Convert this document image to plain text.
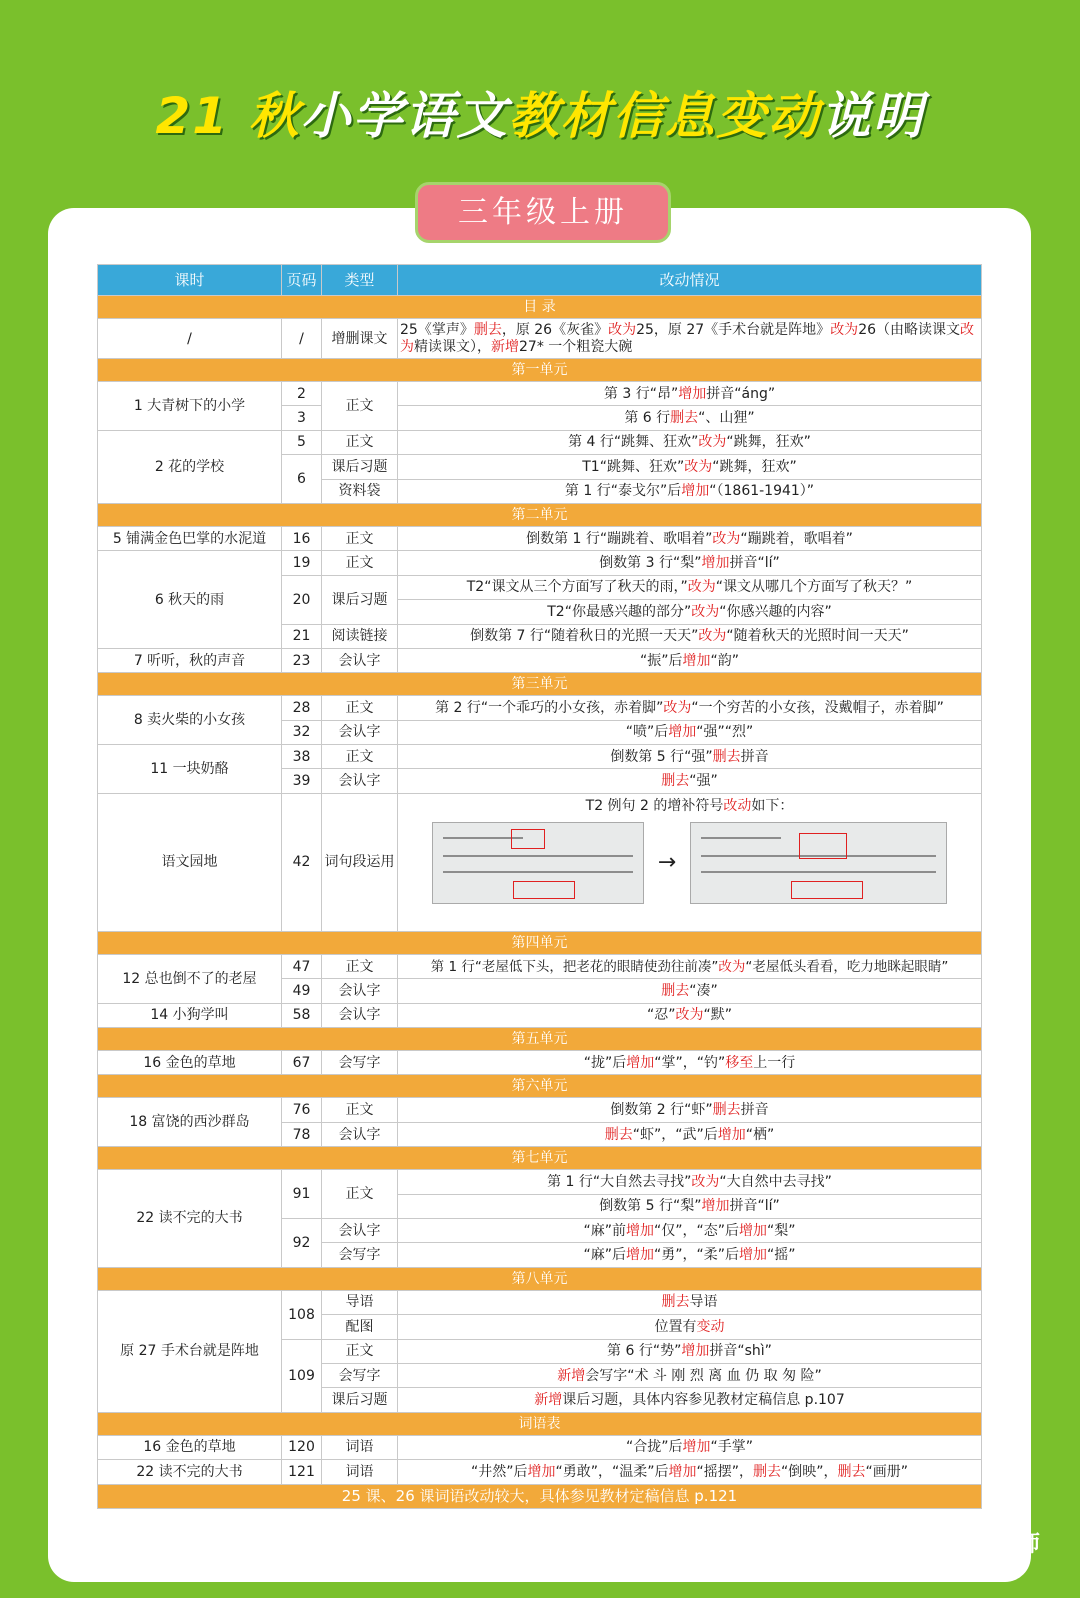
21 秋小学语文教材信息变动说明
三年级上册
课时	页码	类型	改动情况
目 录			
/	/	增删课文	25《掌声》删去，原 26《灰雀》改为25，原 27《手术台就是阵地》改为26（由略读课文改为精读课文），新增27* 一个粗瓷大碗
第一单元			
1 大青树下的小学	2	正文	第 3 行“昂”增加拼音“áng”
	3		第 6 行删去“、山狸”
2 花的学校	5	正文	第 4 行“跳舞、狂欢”改为“跳舞，狂欢”
	6	课后习题	T1“跳舞、狂欢”改为“跳舞，狂欢”
		资料袋	第 1 行“泰戈尔”后增加“（1861-1941）”
第二单元			
5 铺满金色巴掌的水泥道	16	正文	倒数第 1 行“蹦跳着、歌唱着”改为“蹦跳着，歌唱着”
6 秋天的雨	19	正文	倒数第 3 行“梨”增加拼音“lí”
	20	课后习题	T2“课文从三个方面写了秋天的雨，”改为“课文从哪几个方面写了秋天？”
			T2“你最感兴趣的部分”改为“你感兴趣的内容”
	21	阅读链接	倒数第 7 行“随着秋日的光照一天天”改为“随着秋天的光照时间一天天”
7 听听，秋的声音	23	会认字	“振”后增加“韵”
第三单元			
8 卖火柴的小女孩	28	正文	第 2 行“一个乖巧的小女孩，赤着脚”改为“一个穷苦的小女孩，没戴帽子，赤着脚”
	32	会认字	“喷”后增加“强”“烈”
11 一块奶酪	38	正文	倒数第 5 行“强”删去拼音
	39	会认字	删去“强”
语文园地	42	词句段运用	T2 例句 2 的增补符号改动如下：
→

第四单元			
12 总也倒不了的老屋	47	正文	第 1 行“老屋低下头，把老花的眼睛使劲往前凑”改为“老屋低头看看，吃力地眯起眼睛”
	49	会认字	删去“凑”
14 小狗学叫	58	会认字	“忍”改为“默”
第五单元			
16 金色的草地	67	会写字	“拢”后增加“掌”，“钓”移至上一行
第六单元			
18 富饶的西沙群岛	76	正文	倒数第 2 行“虾”删去拼音
	78	会认字	删去“虾”，“武”后增加“栖”
第七单元			
22 读不完的大书	91	正文	第 1 行“大自然去寻找”改为“大自然中去寻找”
			倒数第 5 行“梨”增加拼音“lí”
	92	会认字	“麻”前增加“仅”，“态”后增加“梨”
		会写字	“麻”后增加“勇”，“柔”后增加“摇”
第八单元			
原 27 手术台就是阵地	108	导语	删去导语
		配图	位置有变动
	109	正文	第 6 行“势”增加拼音“shì”
		会写字	新增会写字“术 斗 刚 烈 离 血 仍 取 匆 险”
		课后习题	新增课后习题，具体内容参见教材定稿信息 p.107
词语表			
16 金色的草地	120	词语	“合拢”后增加“手掌”
22 读不完的大书	121	词语	“井然”后增加“勇敢”，“温柔”后增加“摇摆”，删去“倒映”，删去“画册”
25 课、26 课词语改动较大，具体参见教材定稿信息 p.121			
凤凰教师
